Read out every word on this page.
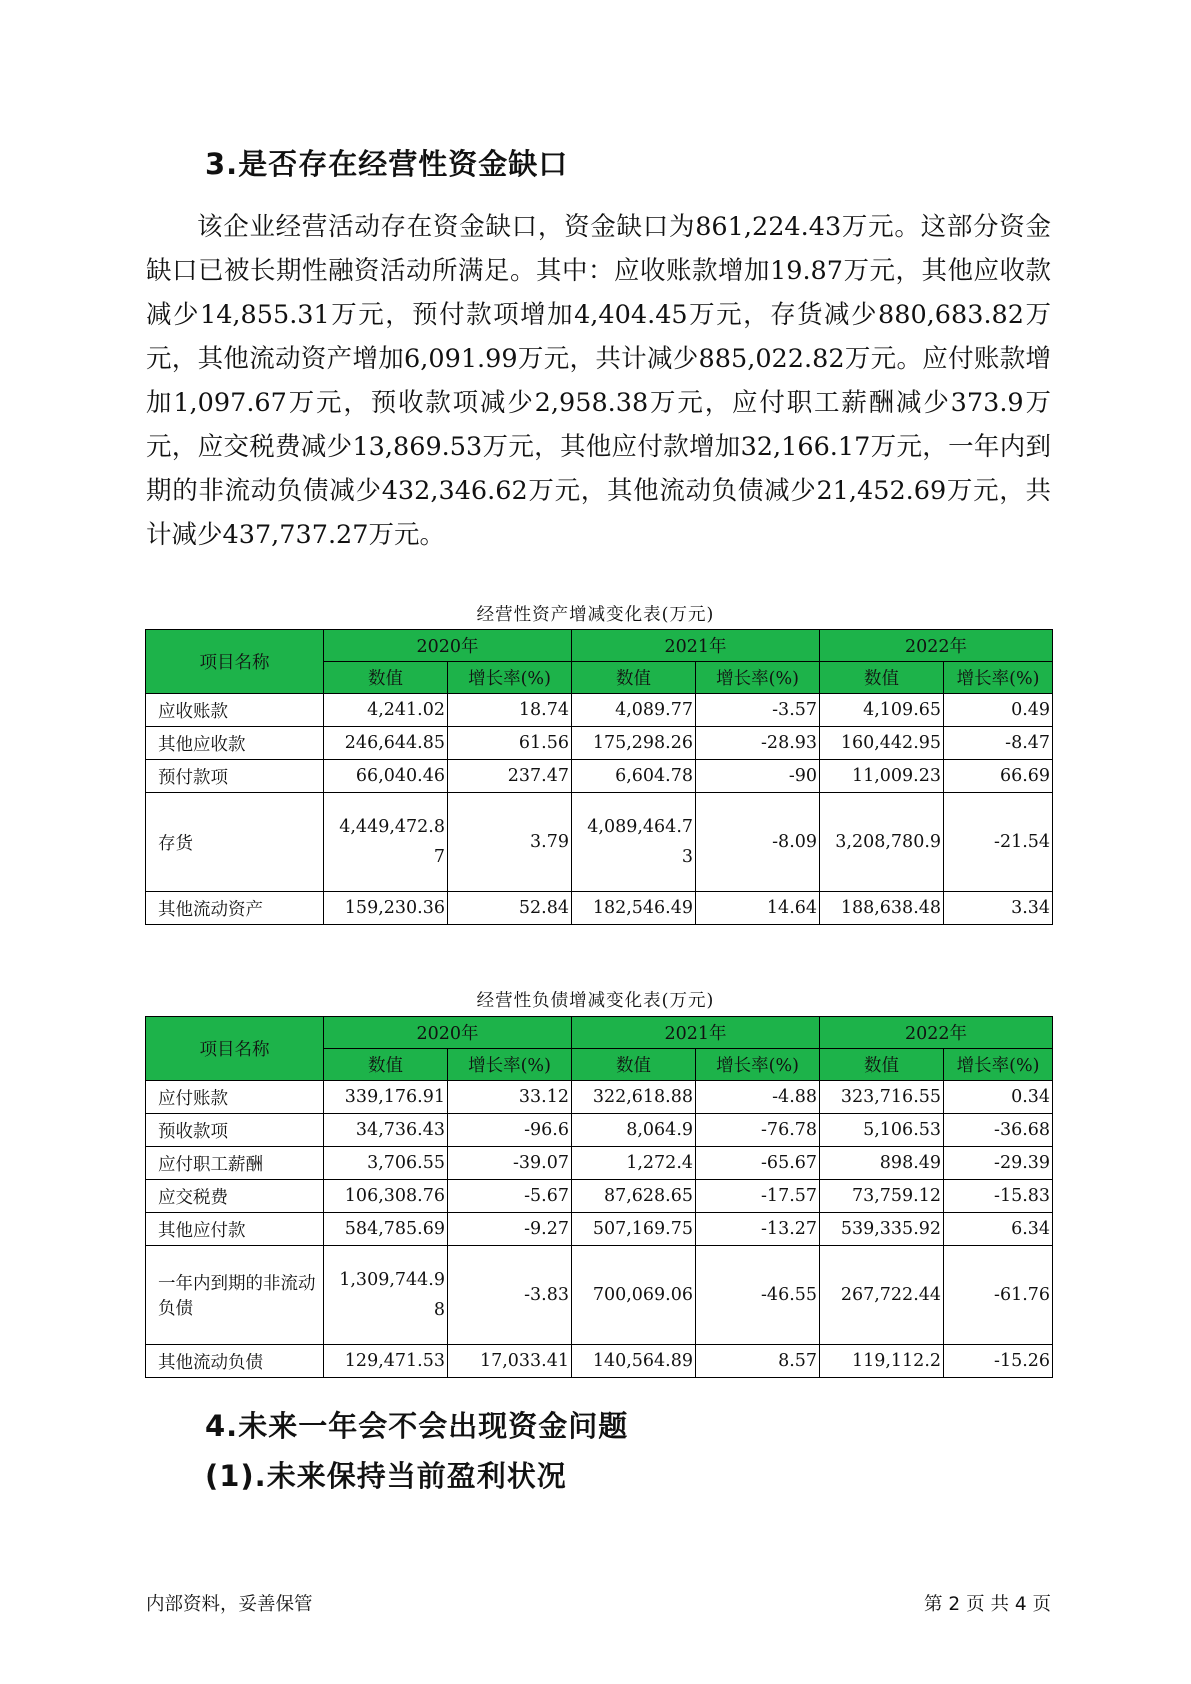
3.是否存在经营性资金缺口

该企业经营活动存在资金缺口，资金缺口为861,224.43万元。这部分资金缺口已被长期性融资活动所满足。其中：应收账款增加19.87万元，其他应收款减少14,855.31万元，预付款项增加4,404.45万元，存货减少880,683.82万元，其他流动资产增加6,091.99万元，共计减少885,022.82万元。应付账款增加1,097.67万元，预收款项减少2,958.38万元，应付职工薪酬减少373.9万元，应交税费减少13,869.53万元，其他应付款增加32,166.17万元，一年内到期的非流动负债减少432,346.62万元，其他流动负债减少21,452.69万元，共计减少437,737.27万元。

经营性资产增减变化表(万元)

项目名称	2020年		2021年		2022年	
	数值	增长率(%)	数值	增长率(%)	数值	增长率(%)
应收账款	4,241.02	18.74	4,089.77	-3.57	4,109.65	0.49
其他应收款	246,644.85	61.56	175,298.26	-28.93	160,442.95	-8.47
预付款项	66,040.46	237.47	6,604.78	-90	11,009.23	66.69
存货	4,449,472.87	3.79	4,089,464.73	-8.09	3,208,780.9	-21.54
其他流动资产	159,230.36	52.84	182,546.49	14.64	188,638.48	3.34

经营性负债增减变化表(万元)

项目名称	2020年		2021年		2022年	
	数值	增长率(%)	数值	增长率(%)	数值	增长率(%)
应付账款	339,176.91	33.12	322,618.88	-4.88	323,716.55	0.34
预收款项	34,736.43	-96.6	8,064.9	-76.78	5,106.53	-36.68
应付职工薪酬	3,706.55	-39.07	1,272.4	-65.67	898.49	-29.39
应交税费	106,308.76	-5.67	87,628.65	-17.57	73,759.12	-15.83
其他应付款	584,785.69	-9.27	507,169.75	-13.27	539,335.92	6.34
一年内到期的非流动负债	1,309,744.98	-3.83	700,069.06	-46.55	267,722.44	-61.76
其他流动负债	129,471.53	17,033.41	140,564.89	8.57	119,112.2	-15.26
4.未来一年会不会出现资金问题
(1).未来保持当前盈利状况

内部资料，妥善保管	第 2 页 共 4 页
